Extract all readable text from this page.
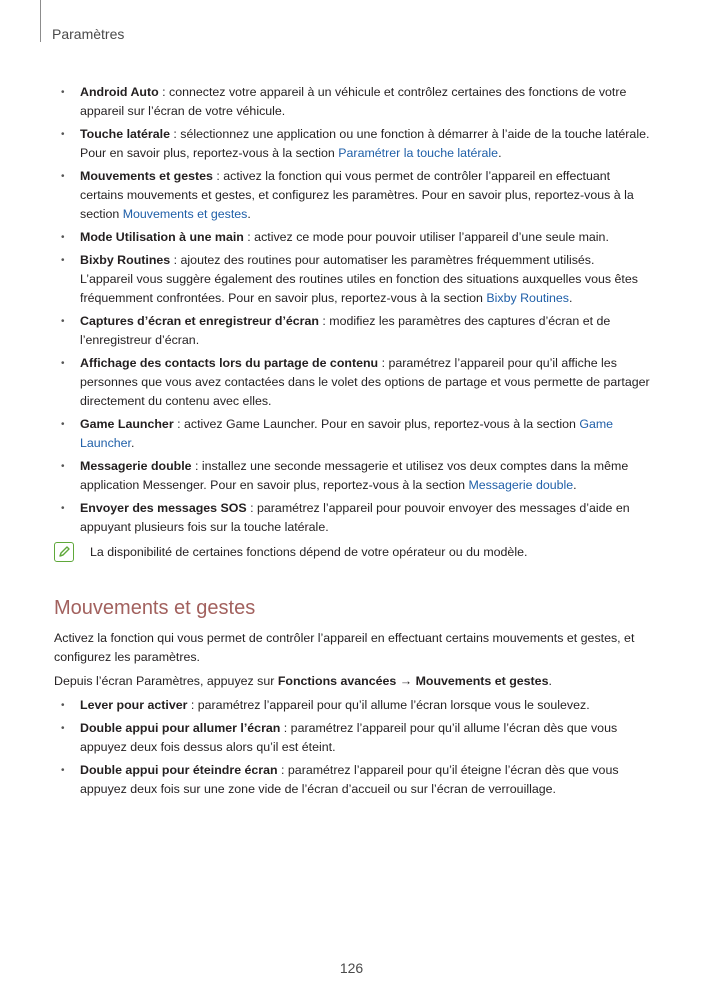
Paramètres
• Android Auto : connectez votre appareil à un véhicule et contrôlez certaines des fonctions de votre appareil sur l’écran de votre véhicule.
• Touche latérale : sélectionnez une application ou une fonction à démarrer à l’aide de la touche latérale. Pour en savoir plus, reportez-vous à la section Paramétrer la touche latérale.
• Mouvements et gestes : activez la fonction qui vous permet de contrôler l’appareil en effectuant certains mouvements et gestes, et configurez les paramètres. Pour en savoir plus, reportez-vous à la section Mouvements et gestes.
• Mode Utilisation à une main : activez ce mode pour pouvoir utiliser l’appareil d’une seule main.
• Bixby Routines : ajoutez des routines pour automatiser les paramètres fréquemment utilisés. L’appareil vous suggère également des routines utiles en fonction des situations auxquelles vous êtes fréquemment confrontées. Pour en savoir plus, reportez-vous à la section Bixby Routines.
• Captures d’écran et enregistreur d’écran : modifiez les paramètres des captures d’écran et de l’enregistreur d’écran.
• Affichage des contacts lors du partage de contenu : paramétrez l’appareil pour qu’il affiche les personnes que vous avez contactées dans le volet des options de partage et vous permette de partager directement du contenu avec elles.
• Game Launcher : activez Game Launcher. Pour en savoir plus, reportez-vous à la section Game Launcher.
• Messagerie double : installez une seconde messagerie et utilisez vos deux comptes dans la même application Messenger. Pour en savoir plus, reportez-vous à la section Messagerie double.
• Envoyer des messages SOS : paramétrez l’appareil pour pouvoir envoyer des messages d’aide en appuyant plusieurs fois sur la touche latérale.
La disponibilité de certaines fonctions dépend de votre opérateur ou du modèle.
Mouvements et gestes

Activez la fonction qui vous permet de contrôler l’appareil en effectuant certains mouvements et gestes, et configurez les paramètres.

Depuis l’écran Paramètres, appuyez sur Fonctions avancées → Mouvements et gestes.

• Lever pour activer : paramétrez l’appareil pour qu’il allume l’écran lorsque vous le soulevez.
• Double appui pour allumer l’écran : paramétrez l’appareil pour qu’il allume l’écran dès que vous appuyez deux fois dessus alors qu’il est éteint.
• Double appui pour éteindre écran : paramétrez l’appareil pour qu’il éteigne l’écran dès que vous appuyez deux fois sur une zone vide de l’écran d’accueil ou sur l’écran de verrouillage.
126
